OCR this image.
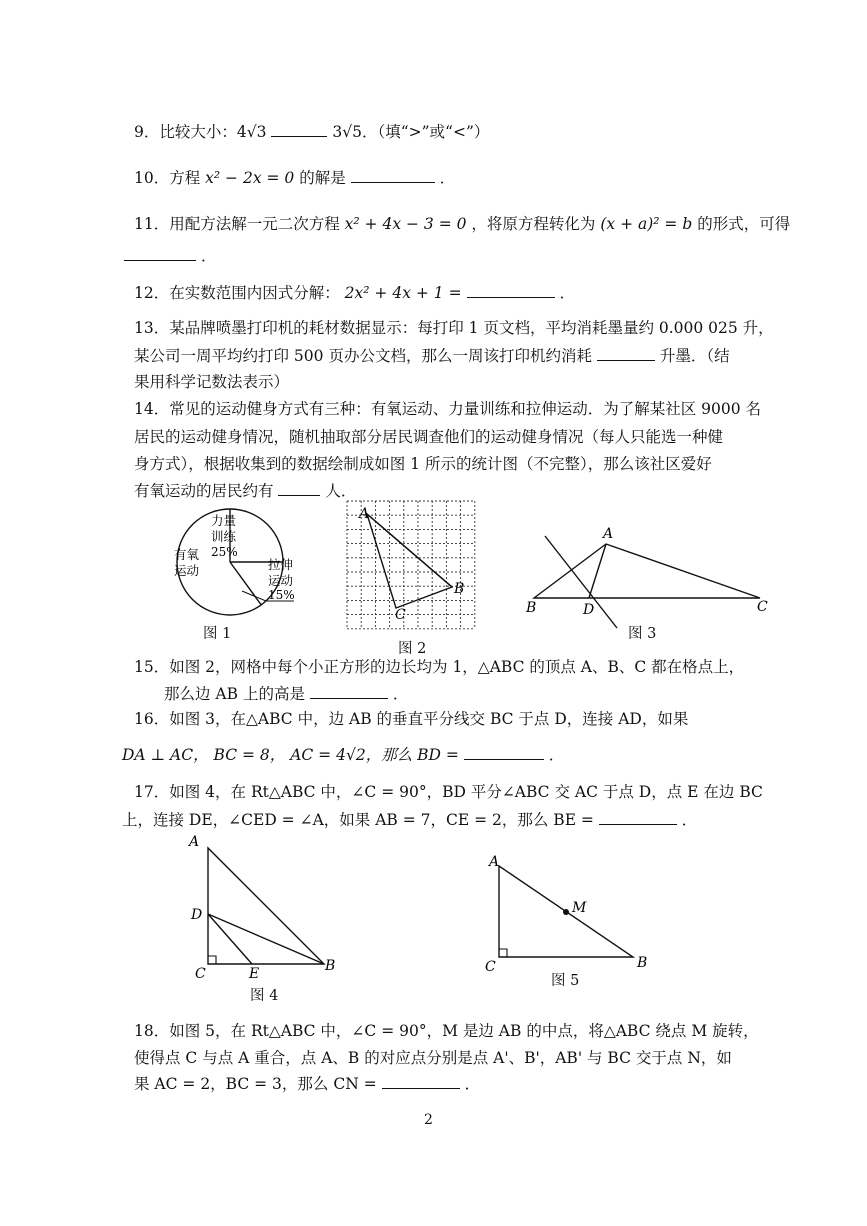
9．比较大小：4√3	3√5．（填“>”或“<”）
10．方程 x² − 2x = 0 的解是	．
11．用配方法解一元二次方程 x² + 4x − 3 = 0 ，将原方程转化为 (x + a)² = b 的形式，可得
．
12．在实数范围内因式分解： 2x² + 4x + 1 =	．
13．某品牌喷墨打印机的耗材数据显示：每打印 1 页文档，平均消耗墨量约 0.000 025 升，
某公司一周平均约打印 500 页办公文档，那么一周该打印机约消耗	升墨．（结
果用科学记数法表示）
14．常见的运动健身方式有三种：有氧运动、力量训练和拉伸运动．为了解某社区 9000 名
居民的运动健身情况，随机抽取部分居民调查他们的运动健身情况（每人只能选一种健
身方式），根据收集到的数据绘制成如图 1 所示的统计图（不完整），那么该社区爱好
有氧运动的居民约有	人．
有氧
运动
力量
训练
25%
拉伸
运动
15%
图 1
A
B
C
图 2
A
B	C
D
图 3
15．如图 2，网格中每个小正方形的边长均为 1，△ABC 的顶点 A、B、C 都在格点上，
那么边 AB 上的高是	．
16．如图 3，在△ABC 中，边 AB 的垂直平分线交 BC 于点 D，连接 AD，如果
DA ⊥ AC， BC = 8， AC = 4√2，那么 BD =	．
17．如图 4，在 Rt△ABC 中，∠C = 90°，BD 平分∠ABC 交 AC 于点 D，点 E 在边 BC
上，连接 DE，∠CED = ∠A，如果 AB = 7，CE = 2，那么 BE =	．
A
D
C	E	B
图 4
A
M
C	B
图 5
18．如图 5，在 Rt△ABC 中，∠C = 90°，M 是边 AB 的中点，将△ABC 绕点 M 旋转，
使得点 C 与点 A 重合，点 A、B 的对应点分别是点 A'、B'，AB' 与 BC 交于点 N，如
果 AC = 2，BC = 3，那么 CN =	．
2
